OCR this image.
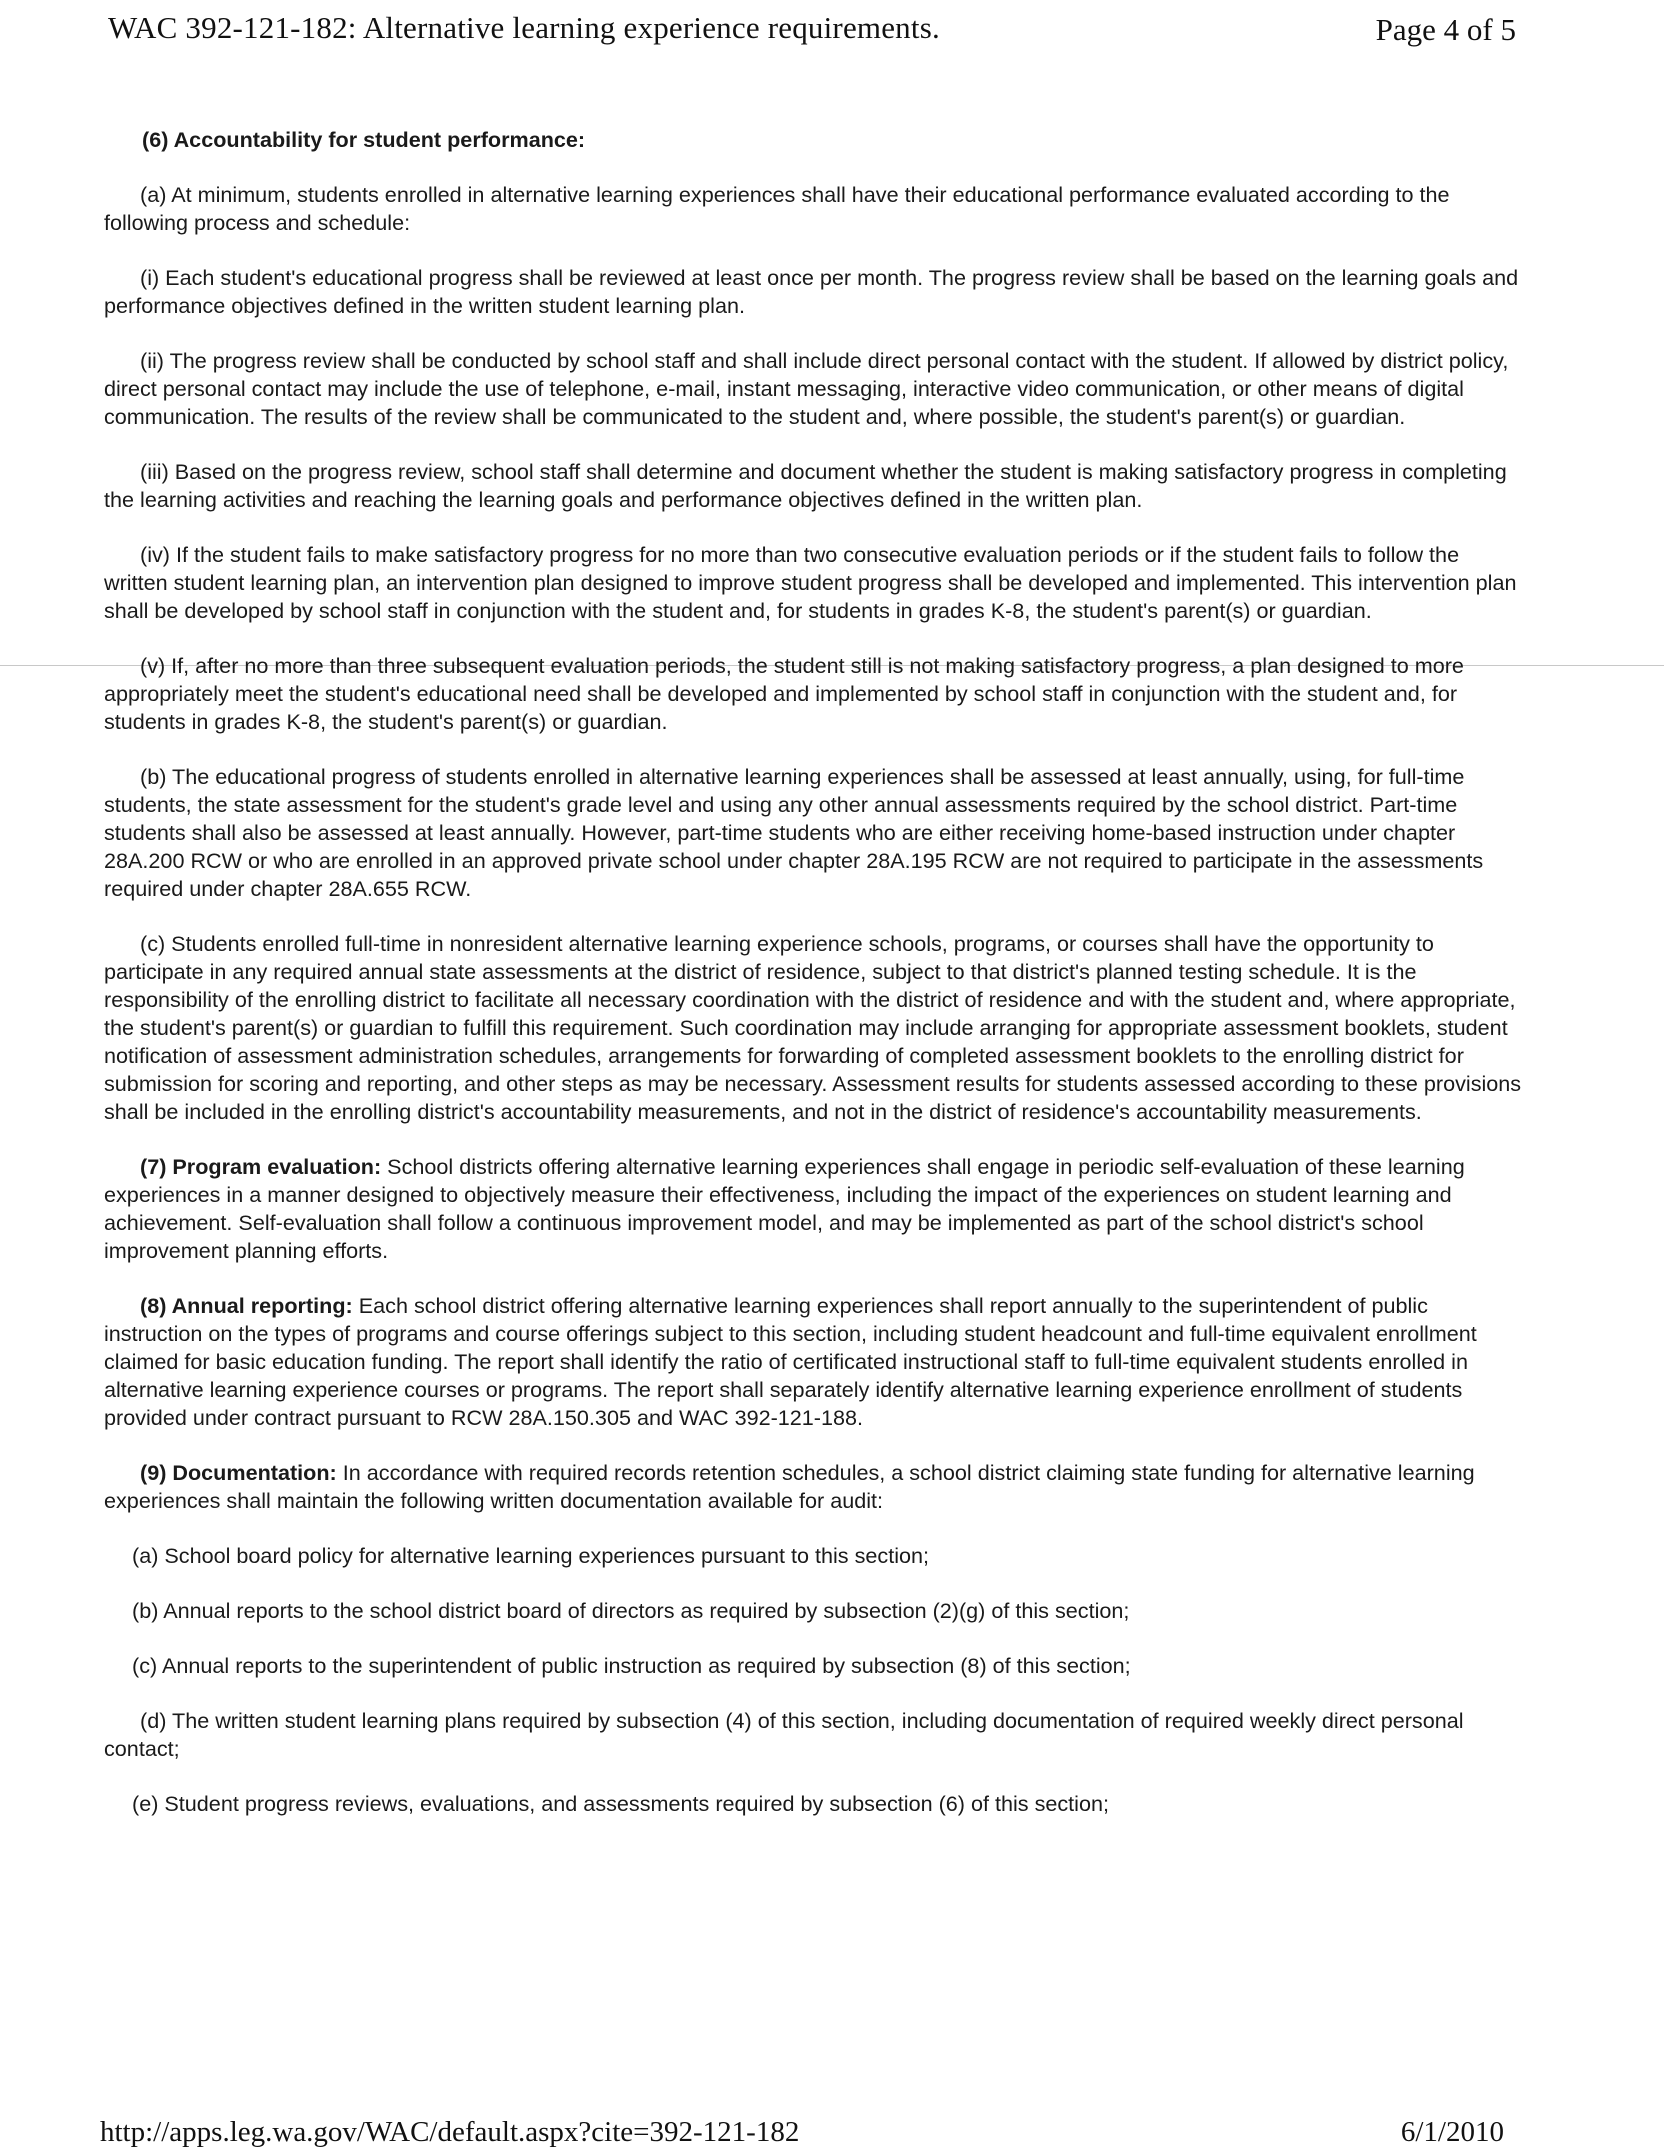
WAC 392-121-182: Alternative learning experience requirements.	Page 4 of 5

(6) Accountability for student performance:

(a) At minimum, students enrolled in alternative learning experiences shall have their educational performance evaluated according to the following process and schedule:

(i) Each student's educational progress shall be reviewed at least once per month. The progress review shall be based on the learning goals and performance objectives defined in the written student learning plan.

(ii) The progress review shall be conducted by school staff and shall include direct personal contact with the student. If allowed by district policy, direct personal contact may include the use of telephone, e-mail, instant messaging, interactive video communication, or other means of digital communication. The results of the review shall be communicated to the student and, where possible, the student's parent(s) or guardian.

(iii) Based on the progress review, school staff shall determine and document whether the student is making satisfactory progress in completing the learning activities and reaching the learning goals and performance objectives defined in the written plan.

(iv) If the student fails to make satisfactory progress for no more than two consecutive evaluation periods or if the student fails to follow the written student learning plan, an intervention plan designed to improve student progress shall be developed and implemented. This intervention plan shall be developed by school staff in conjunction with the student and, for students in grades K-8, the student's parent(s) or guardian.

(v) If, after no more than three subsequent evaluation periods, the student still is not making satisfactory progress, a plan designed to more appropriately meet the student's educational need shall be developed and implemented by school staff in conjunction with the student and, for students in grades K-8, the student's parent(s) or guardian.

(b) The educational progress of students enrolled in alternative learning experiences shall be assessed at least annually, using, for full-time students, the state assessment for the student's grade level and using any other annual assessments required by the school district. Part-time students shall also be assessed at least annually. However, part-time students who are either receiving home-based instruction under chapter 28A.200 RCW or who are enrolled in an approved private school under chapter 28A.195 RCW are not required to participate in the assessments required under chapter 28A.655 RCW.

(c) Students enrolled full-time in nonresident alternative learning experience schools, programs, or courses shall have the opportunity to participate in any required annual state assessments at the district of residence, subject to that district's planned testing schedule. It is the responsibility of the enrolling district to facilitate all necessary coordination with the district of residence and with the student and, where appropriate, the student's parent(s) or guardian to fulfill this requirement. Such coordination may include arranging for appropriate assessment booklets, student notification of assessment administration schedules, arrangements for forwarding of completed assessment booklets to the enrolling district for submission for scoring and reporting, and other steps as may be necessary. Assessment results for students assessed according to these provisions shall be included in the enrolling district's accountability measurements, and not in the district of residence's accountability measurements.

(7) Program evaluation: School districts offering alternative learning experiences shall engage in periodic self-evaluation of these learning experiences in a manner designed to objectively measure their effectiveness, including the impact of the experiences on student learning and achievement. Self-evaluation shall follow a continuous improvement model, and may be implemented as part of the school district's school improvement planning efforts.

(8) Annual reporting: Each school district offering alternative learning experiences shall report annually to the superintendent of public instruction on the types of programs and course offerings subject to this section, including student headcount and full-time equivalent enrollment claimed for basic education funding. The report shall identify the ratio of certificated instructional staff to full-time equivalent students enrolled in alternative learning experience courses or programs. The report shall separately identify alternative learning experience enrollment of students provided under contract pursuant to RCW 28A.150.305 and WAC 392-121-188.

(9) Documentation: In accordance with required records retention schedules, a school district claiming state funding for alternative learning experiences shall maintain the following written documentation available for audit:

(a) School board policy for alternative learning experiences pursuant to this section;

(b) Annual reports to the school district board of directors as required by subsection (2)(g) of this section;

(c) Annual reports to the superintendent of public instruction as required by subsection (8) of this section;

(d) The written student learning plans required by subsection (4) of this section, including documentation of required weekly direct personal contact;

(e) Student progress reviews, evaluations, and assessments required by subsection (6) of this section;

http://apps.leg.wa.gov/WAC/default.aspx?cite=392-121-182	6/1/2010
